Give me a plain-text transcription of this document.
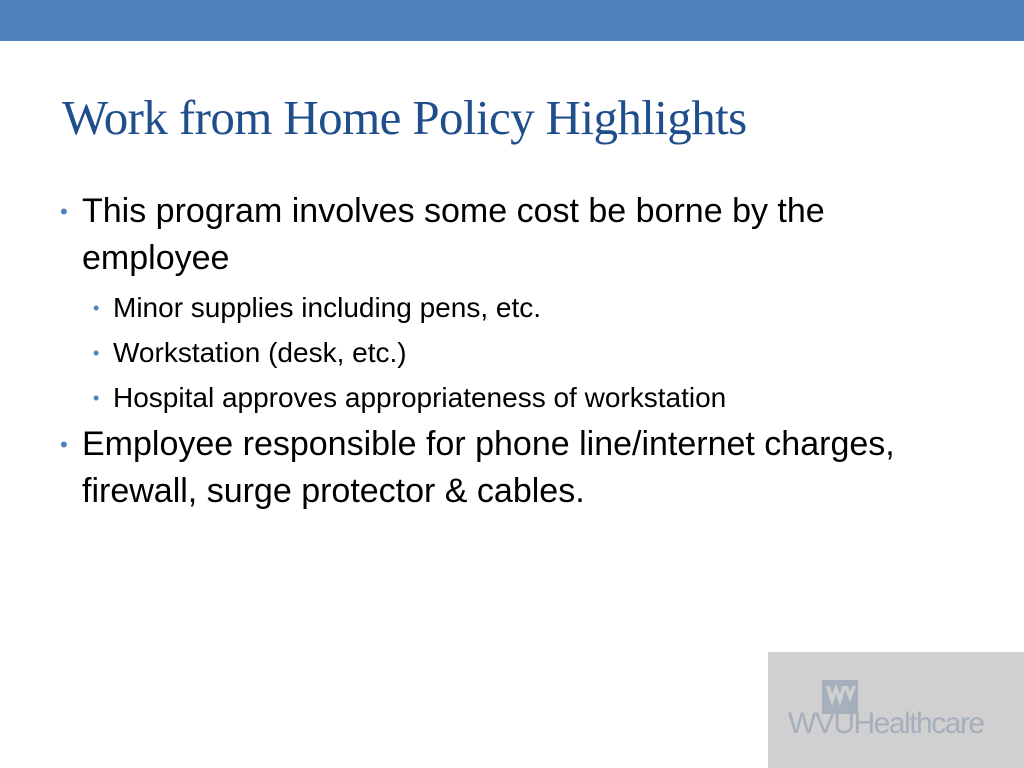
Work from Home Policy Highlights

• This program involves some cost be borne by the employee

• Minor supplies including pens, etc.

• Workstation (desk, etc.)

• Hospital approves appropriateness of workstation

• Employee responsible for phone line/internet charges, firewall, surge protector & cables.

WVUHealthcare
